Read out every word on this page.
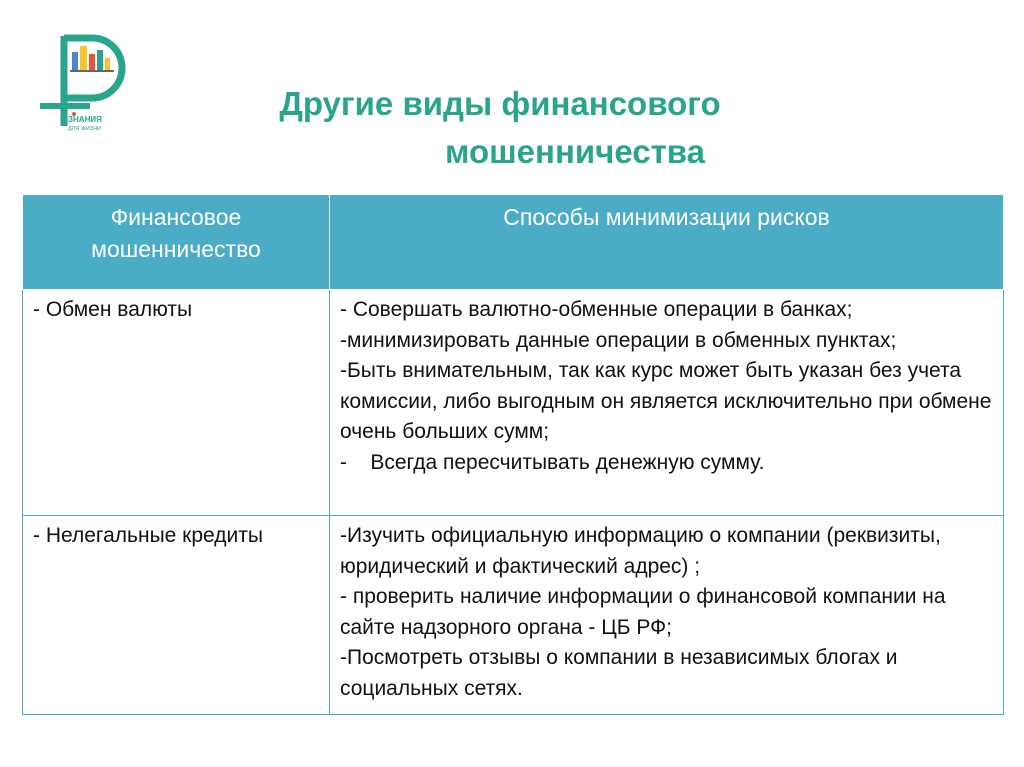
ЗНАНИЯ
ДЛЯ ЖИЗНИ
Другие виды финансового
мошенничества
Финансовое мошенничество	Способы минимизации рисков
- Обмен валюты	- Совершать валютно-обменные операции в банках;
-минимизировать данные операции в обменных пунктах;
-Быть внимательным, так как курс может быть указан без учета комиссии, либо выгодным он является исключительно при обмене очень больших сумм;
-    Всегда пересчитывать денежную сумму.

- Нелегальные кредиты	-Изучить официальную информацию о компании (реквизиты, юридический и фактический адрес) ;
- проверить наличие информации о финансовой компании на сайте надзорного органа - ЦБ РФ;
-Посмотреть отзывы о компании в независимых блогах и социальных сетях.
